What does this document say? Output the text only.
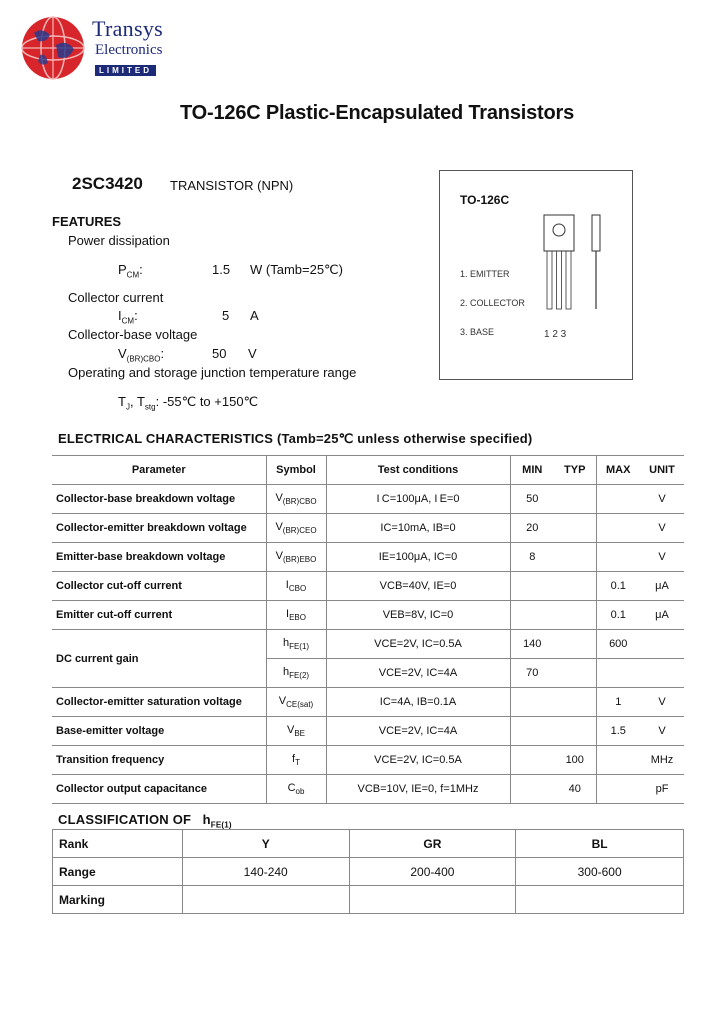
Transys
Electronics
LIMITED
TO-126C Plastic-Encapsulated Transistors
2SC3420 TRANSISTOR (NPN)
FEATURES
Power dissipation
$P_{CM}$:	1.5 W (Tamb=25℃)
Collector current
$I_{CM}$:	5 A
Collector-base voltage
$V_{(BR)CBO}$:	50 V
Operating and storage junction temperature range
$T_J$, $T_{stg}$: -55℃ to +150℃
TO-126C
1. EMITTER
2. COLLECTOR
3. BASE	1 2 3
ELECTRICAL CHARACTERISTICS (Tamb=25℃ unless otherwise specified)
Parameter	Symbol	Test conditions	MIN	TYP	MAX	UNIT
Collector-base breakdown voltage	$V_{(BR)CBO}$	I C=100μA, I E=0	50			V
Collector-emitter breakdown voltage	$V_{(BR)CEO}$	IC=10mA, IB=0	20			V
Emitter-base breakdown voltage	$V_{(BR)EBO}$	IE=100μA, IC=0	8			V
Collector cut-off current	$I_{CBO}$	VCB=40V, IE=0			0.1	μA
Emitter cut-off current	$I_{EBO}$	VEB=8V, IC=0			0.1	μA
DC current gain	$h_{FE(1)}$	VCE=2V, IC=0.5A	140		600	
	$h_{FE(2)}$	VCE=2V, IC=4A	70			
Collector-emitter saturation voltage	$V_{CE(sat)}$	IC=4A, IB=0.1A			1	V
Base-emitter voltage	$V_{BE}$	VCE=2V, IC=4A			1.5	V
Transition frequency	$f_T$	VCE=2V, IC=0.5A		100		MHz
Collector output capacitance	$C_{ob}$	VCB=10V, IE=0, f=1MHz		40		pF
CLASSIFICATION OF $h_{FE(1)}$
Rank	Y	GR	BL
Range	140-240	200-400	300-600
Marking			
